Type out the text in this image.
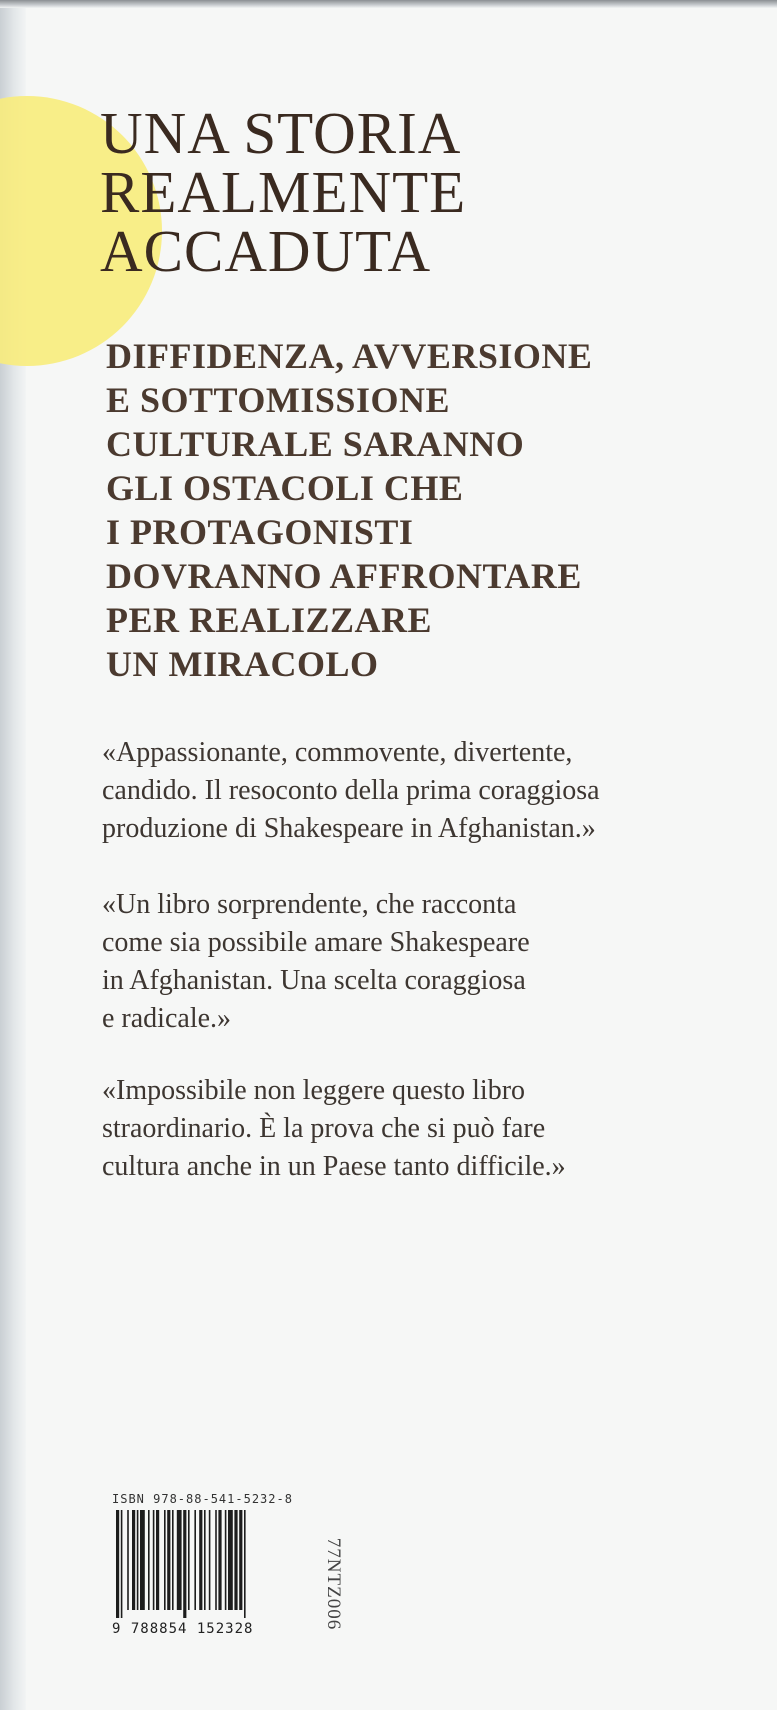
UNA STORIA
REALMENTE
ACCADUTA
DIFFIDENZA, AVVERSIONE
E SOTTOMISSIONE
CULTURALE SARANNO
GLI OSTACOLI CHE
I PROTAGONISTI
DOVRANNO AFFRONTARE
PER REALIZZARE
UN MIRACOLO

«Appassionante, commovente, divertente,
candido. Il resoconto della prima coraggiosa
produzione di Shakespeare in Afghanistan.»

«Un libro sorprendente, che racconta
come sia possibile amare Shakespeare
in Afghanistan. Una scelta coraggiosa
e radicale.»

«Impossibile non leggere questo libro
straordinario. È la prova che si può fare
cultura anche in un Paese tanto difficile.»

ISBN 978-88-541-5232-8
9 788854 152328	77NTZ006
